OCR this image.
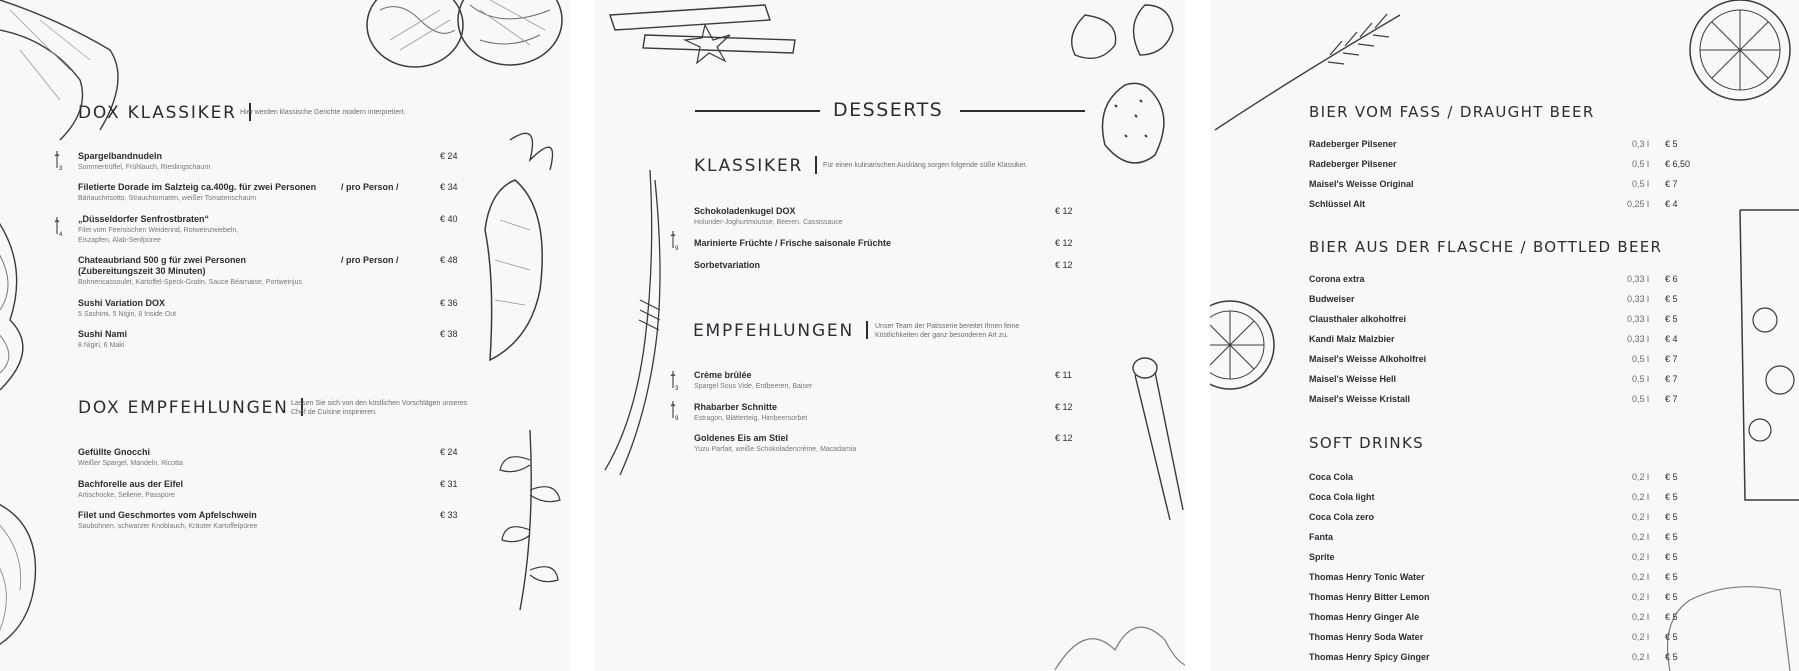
DOX KLASSIKER Hier werden klassische Gerichte modern interpretiert.
3
Spargelbandnudeln
Sommertrüffel, Frühlauch, Rieslingschaum
€ 24
Filetierte Dorade im Salzteig ca.400g. für zwei Personen
Bärlauchrisotto, Strauchtomaten, weißer Tomatenschaum
/ pro Person /	€ 34
4
„Düsseldorfer Senfrostbraten“
Filet vom Feersischen Weiderind, Rotweinzwiebeln,
Eiszapfen, Alab-Senfpüree
€ 40
Chateaubriand 500 g für zwei Personen
(Zubereitungszeit 30 Minuten)
Bohnencassoulet, Kartoffel-Speck-Gratin, Sauce Béarnaise, Portweinjus
/ pro Person /	€ 48
Sushi Variation DOX
5 Sashimi, 5 Nigiri, 8 Inside Out
€ 36
Sushi Nami
8 Nigiri, 6 Maki
€ 38
DOX EMPFEHLUNGEN Lassen Sie sich von den köstlichen Vorschlägen unseres
Chef de Cuisine inspirieren.
Gefüllte Gnocchi
Weißer Spargel, Mandeln, Ricotta
€ 24
Bachforelle aus der Eifel
Artischocke, Sellerie, Passpüre
€ 31
Filet und Geschmortes vom Apfelschwein
Saubohnen, schwarzer Knoblauch, Kräuter Kartoffelpüree
€ 33
DESSERTS
KLASSIKER	Für einen kulinarischen Ausklang sorgen folgende süße Klassiker.
Schokoladenkugel DOX
Holunder-Joghurtmousse, Beeren, Cassissauce
€ 12
9
Marinierte Früchte / Frische saisonale Früchte	€ 12
Sorbetvariation	€ 12
EMPFEHLUNGEN	Unser Team der Patisserie bereitet Ihnen feine
Köstlichkeiten der ganz besonderen Art zu.
3
Crème brûlée
Spargel Sous Vide, Erdbeeren, Baiser
€ 11
9
Rhabarber Schnitte
Estragon, Blätterteig, Himbeersorbet
€ 12
Goldenes Eis am Stiel
Yuzu Parfait, weiße Schokoladencrème, Macadamia
€ 12
BIER VOM FASS / DRAUGHT BEER
Radeberger Pilsener	0,3 l € 5
Radeberger Pilsener	0,5 l € 6,50
Maisel's Weisse Original	0,5 l € 7
Schlüssel Alt	0,25 l € 4
BIER AUS DER FLASCHE / BOTTLED BEER
Corona extra	0,33 l € 6
Budweiser	0,33 l € 5
Clausthaler alkoholfrei	0,33 l € 5
Kandi Malz Malzbier	0,33 l € 4
Maisel's Weisse Alkoholfrei	0,5 l € 7
Maisel's Weisse Hell	0,5 l € 7
Maisel's Weisse Kristall	0,5 l € 7
SOFT DRINKS
Coca Cola	0,2 l € 5
Coca Cola light	0,2 l € 5
Coca Cola zero	0,2 l € 5
Fanta	0,2 l € 5
Sprite	0,2 l € 5
Thomas Henry Tonic Water	0,2 l € 5
Thomas Henry Bitter Lemon	0,2 l € 5
Thomas Henry Ginger Ale	0,2 l € 5
Thomas Henry Soda Water	0,2 l € 5
Thomas Henry Spicy Ginger	0,2 l € 5
